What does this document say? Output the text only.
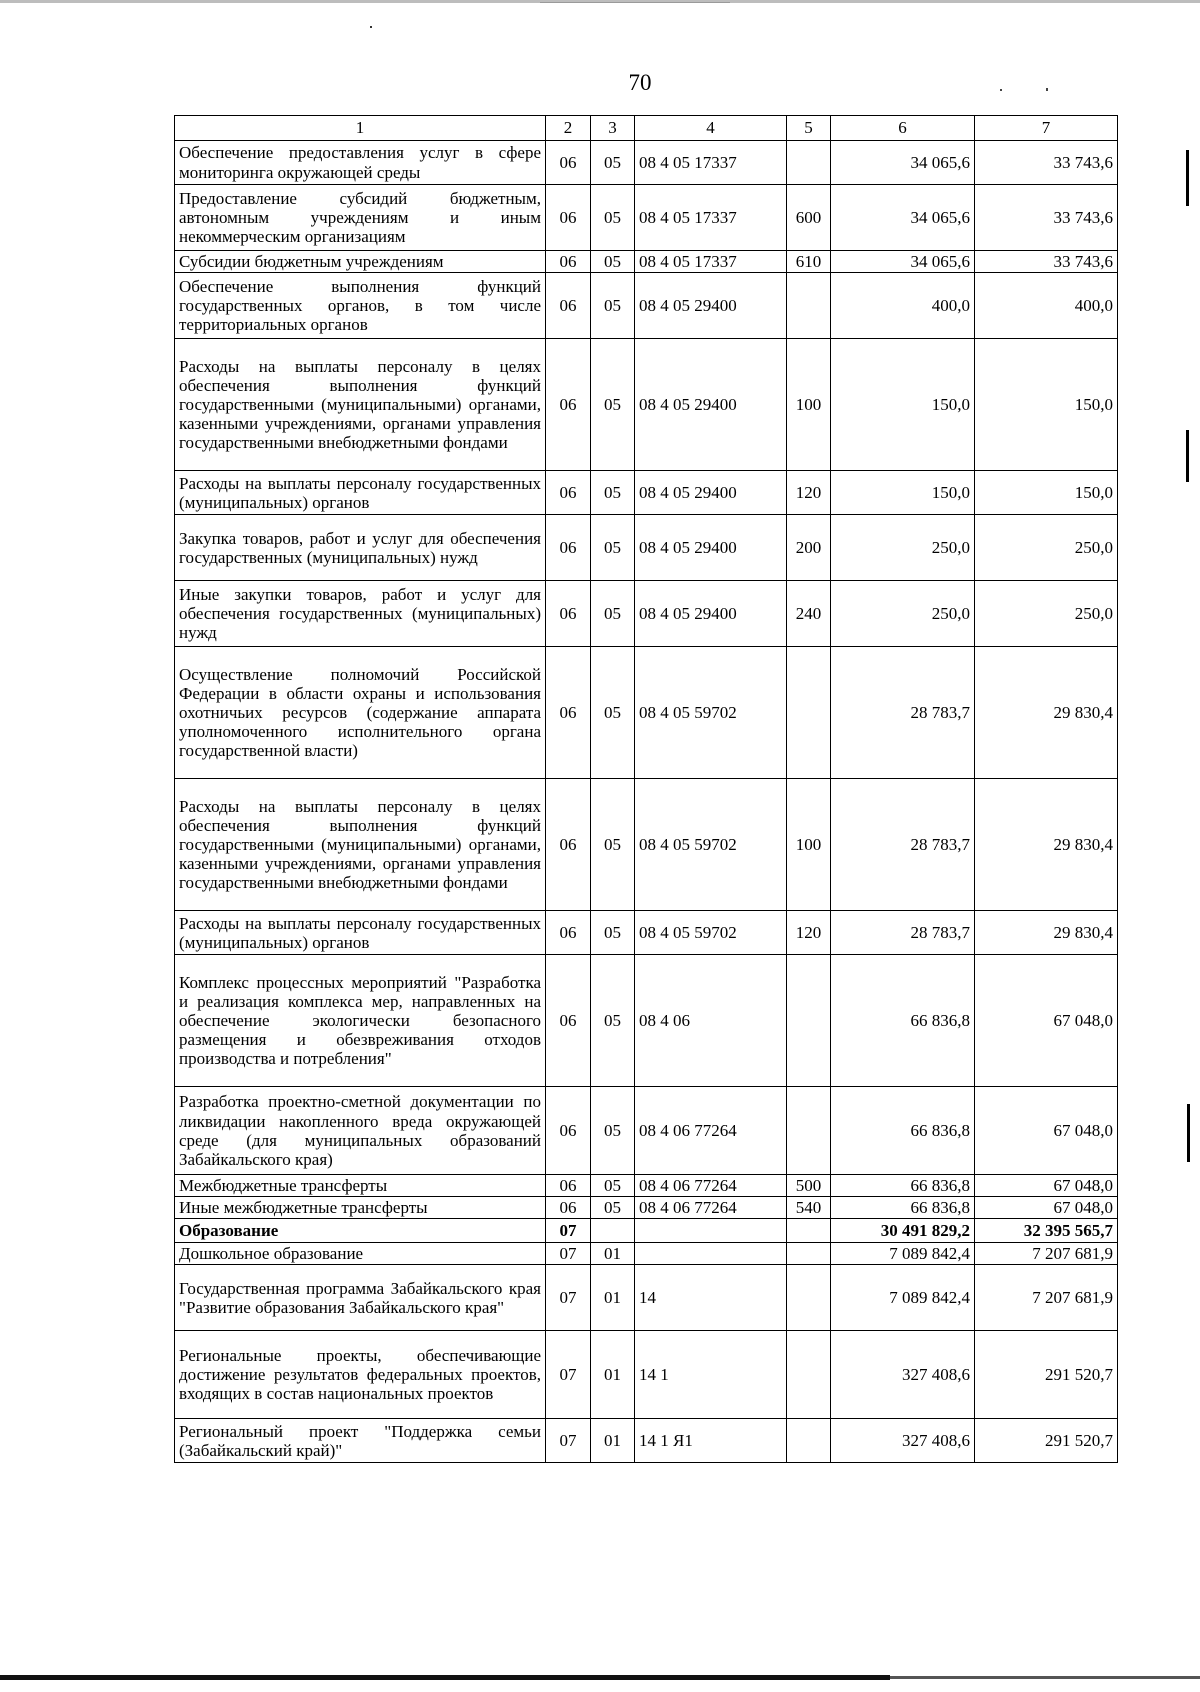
70
1	2	3	4	5	6	7
Обеспечение предоставления услуг в сфере мониторинга окружающей среды	06	05	08 4 05 17337		34 065,6	33 743,6
Предоставление субсидий бюджетным, автономным учреждениям и иным некоммерческим организациям	06	05	08 4 05 17337	600	34 065,6	33 743,6
Субсидии бюджетным учреждениям	06	05	08 4 05 17337	610	34 065,6	33 743,6
Обеспечение выполнения функций государственных органов, в том числе территориальных органов	06	05	08 4 05 29400		400,0	400,0
Расходы на выплаты персоналу в целях обеспечения выполнения функций государственными (муниципальными) органами, казенными учреждениями, органами управления государственными внебюджетными фондами	06	05	08 4 05 29400	100	150,0	150,0
Расходы на выплаты персоналу государственных (муниципальных) органов	06	05	08 4 05 29400	120	150,0	150,0
Закупка товаров, работ и услуг для обеспечения государственных (муниципальных) нужд	06	05	08 4 05 29400	200	250,0	250,0
Иные закупки товаров, работ и услуг для обеспечения государственных (муниципальных) нужд	06	05	08 4 05 29400	240	250,0	250,0
Осуществление полномочий Российской Федерации в области охраны и использования охотничьих ресурсов (содержание аппарата уполномоченного исполнительного органа государственной власти)	06	05	08 4 05 59702		28 783,7	29 830,4
Расходы на выплаты персоналу в целях обеспечения выполнения функций государственными (муниципальными) органами, казенными учреждениями, органами управления государственными внебюджетными фондами	06	05	08 4 05 59702	100	28 783,7	29 830,4
Расходы на выплаты персоналу государственных (муниципальных) органов	06	05	08 4 05 59702	120	28 783,7	29 830,4
Комплекс процессных мероприятий "Разработка и реализация комплекса мер, направленных на обеспечение экологически безопасного размещения и обезвреживания отходов производства и потребления"	06	05	08 4 06		66 836,8	67 048,0
Разработка проектно-сметной документации по ликвидации накопленного вреда окружающей среде (для муниципальных образований Забайкальского края)	06	05	08 4 06 77264		66 836,8	67 048,0
Межбюджетные трансферты	06	05	08 4 06 77264	500	66 836,8	67 048,0
Иные межбюджетные трансферты	06	05	08 4 06 77264	540	66 836,8	67 048,0
Образование	07				30 491 829,2	32 395 565,7
Дошкольное образование	07	01			7 089 842,4	7 207 681,9
Государственная программа Забайкальского края "Развитие образования Забайкальского края"	07	01	14		7 089 842,4	7 207 681,9
Региональные проекты, обеспечивающие достижение результатов федеральных проектов, входящих в состав национальных проектов	07	01	14 1		327 408,6	291 520,7
Региональный проект "Поддержка семьи (Забайкальский край)"	07	01	14 1 Я1		327 408,6	291 520,7
